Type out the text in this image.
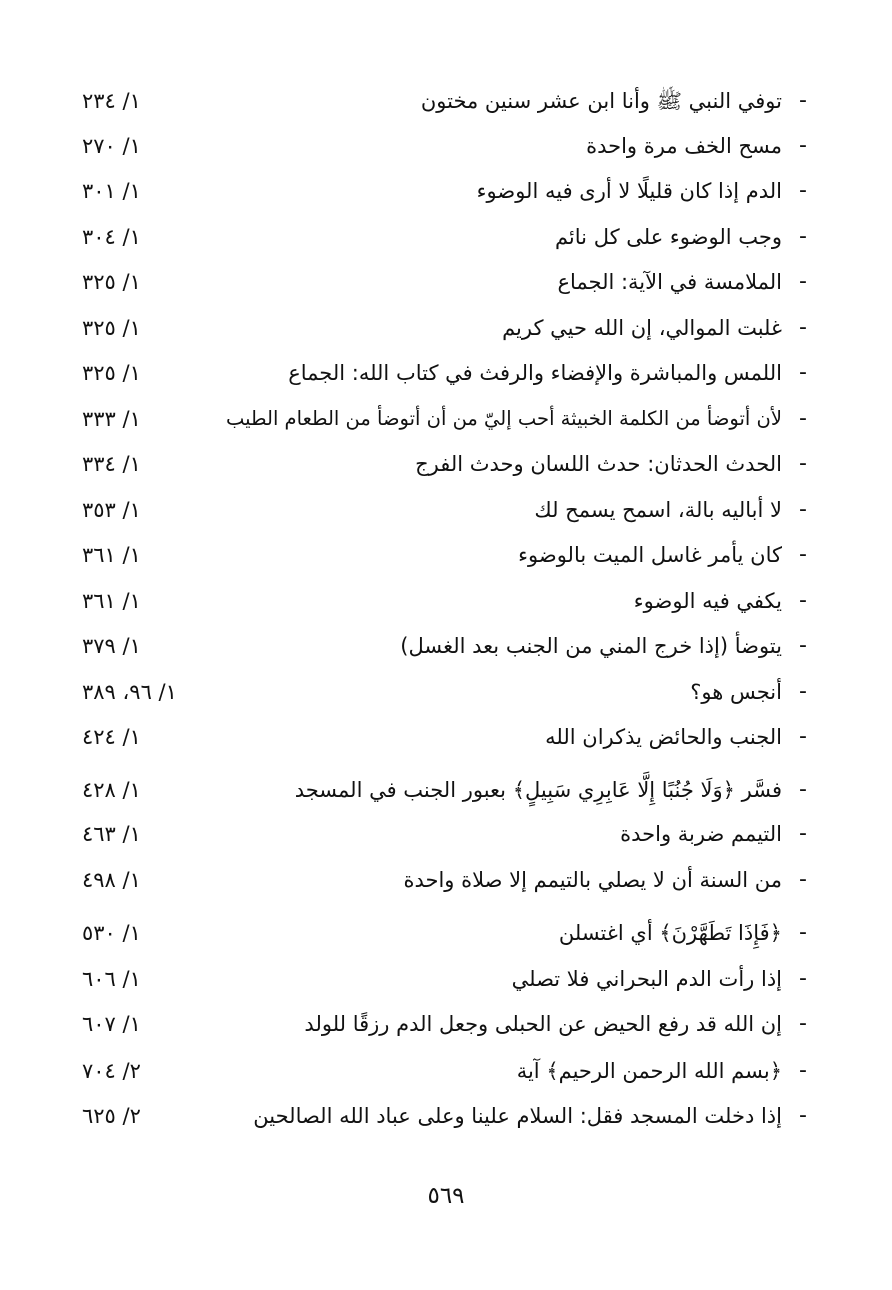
-
توفي النبي ﷺ وأنا ابن عشر سنين مختون
١/ ٢٣٤
-
مسح الخف مرة واحدة
١/ ٢٧٠
-
الدم إذا كان قليلًا لا أرى فيه الوضوء
١/ ٣٠١
-
وجب الوضوء على كل نائم
١/ ٣٠٤
-
الملامسة في الآية: الجماع
١/ ٣٢٥
-
غلبت الموالي، إن الله حيي كريم
١/ ٣٢٥
-
اللمس والمباشرة والإفضاء والرفث في كتاب الله: الجماع
١/ ٣٢٥
-
لأن أتوضأ من الكلمة الخبيثة أحب إليّ من أن أتوضأ من الطعام الطيب
١/ ٣٣٣
-
الحدث الحدثان: حدث اللسان وحدث الفرج
١/ ٣٣٤
-
لا أباليه بالة، اسمح يسمح لك
١/ ٣٥٣
-
كان يأمر غاسل الميت بالوضوء
١/ ٣٦١
-
يكفي فيه الوضوء
١/ ٣٦١
-
يتوضأ (إذا خرج المني من الجنب بعد الغسل)
١/ ٣٧٩
-
أنجس هو؟
١/ ٩٦، ٣٨٩
-
الجنب والحائض يذكران الله
١/ ٤٢٤
-
فسَّر ﴿وَلَا جُنُبًا إِلَّا عَابِرِي سَبِيلٍ﴾ بعبور الجنب في المسجد
١/ ٤٢٨
-
التيمم ضربة واحدة
١/ ٤٦٣
-
من السنة أن لا يصلي بالتيمم إلا صلاة واحدة
١/ ٤٩٨
-
﴿فَإِذَا تَطَهَّرْنَ﴾ أي اغتسلن
١/ ٥٣٠
-
إذا رأت الدم البحراني فلا تصلي
١/ ٦٠٦
-
إن الله قد رفع الحيض عن الحبلى وجعل الدم رزقًا للولد
١/ ٦٠٧
-
﴿بسم الله الرحمن الرحيم﴾ آية
٢/ ٧٠٤
-
إذا دخلت المسجد فقل: السلام علينا وعلى عباد الله الصالحين
٢/ ٦٢٥
٥٦٩
